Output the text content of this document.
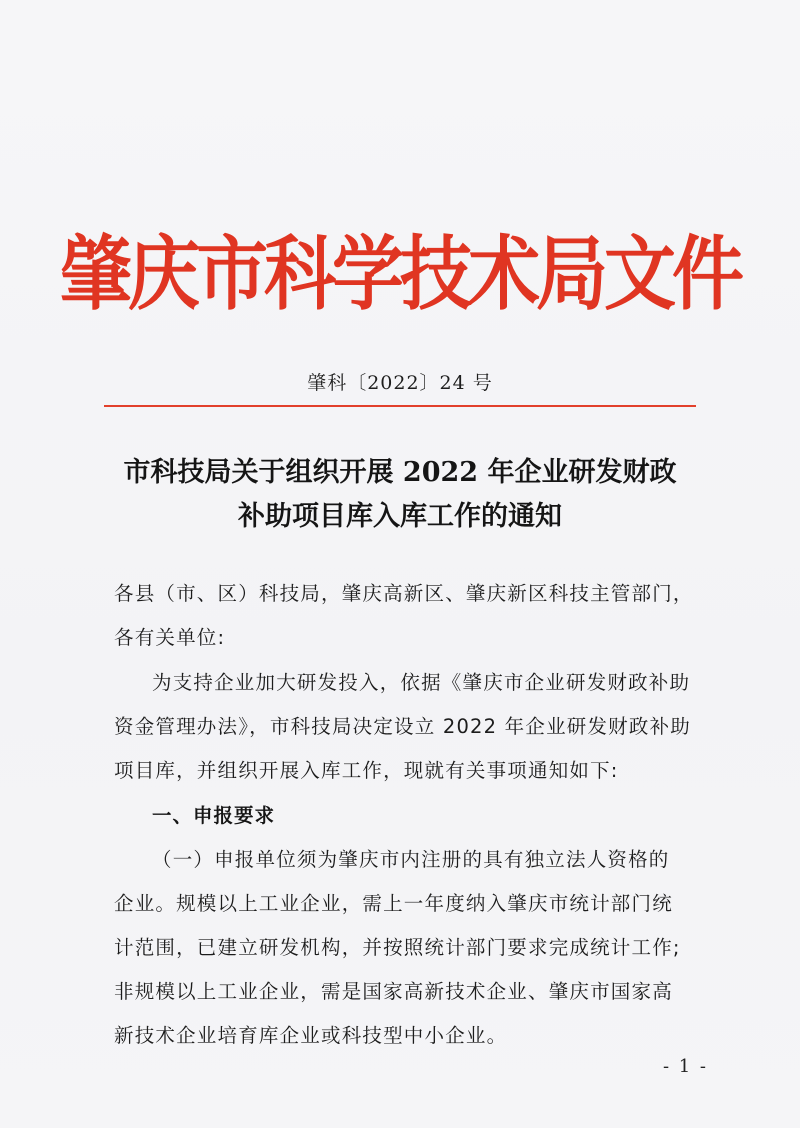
肇庆市科学技术局文件
肇科〔2022〕24 号
市科技局关于组织开展 2022 年企业研发财政
补助项目库入库工作的通知
各县（市、区）科技局，肇庆高新区、肇庆新区科技主管部门，
各有关单位:
为支持企业加大研发投入，依据《肇庆市企业研发财政补助
资金管理办法》，市科技局决定设立 2022 年企业研发财政补助
项目库，并组织开展入库工作，现就有关事项通知如下:
一、申报要求
（一）申报单位须为肇庆市内注册的具有独立法人资格的
企业。规模以上工业企业，需上一年度纳入肇庆市统计部门统
计范围，已建立研发机构，并按照统计部门要求完成统计工作;
非规模以上工业企业，需是国家高新技术企业、肇庆市国家高
新技术企业培育库企业或科技型中小企业。
- 1 -
